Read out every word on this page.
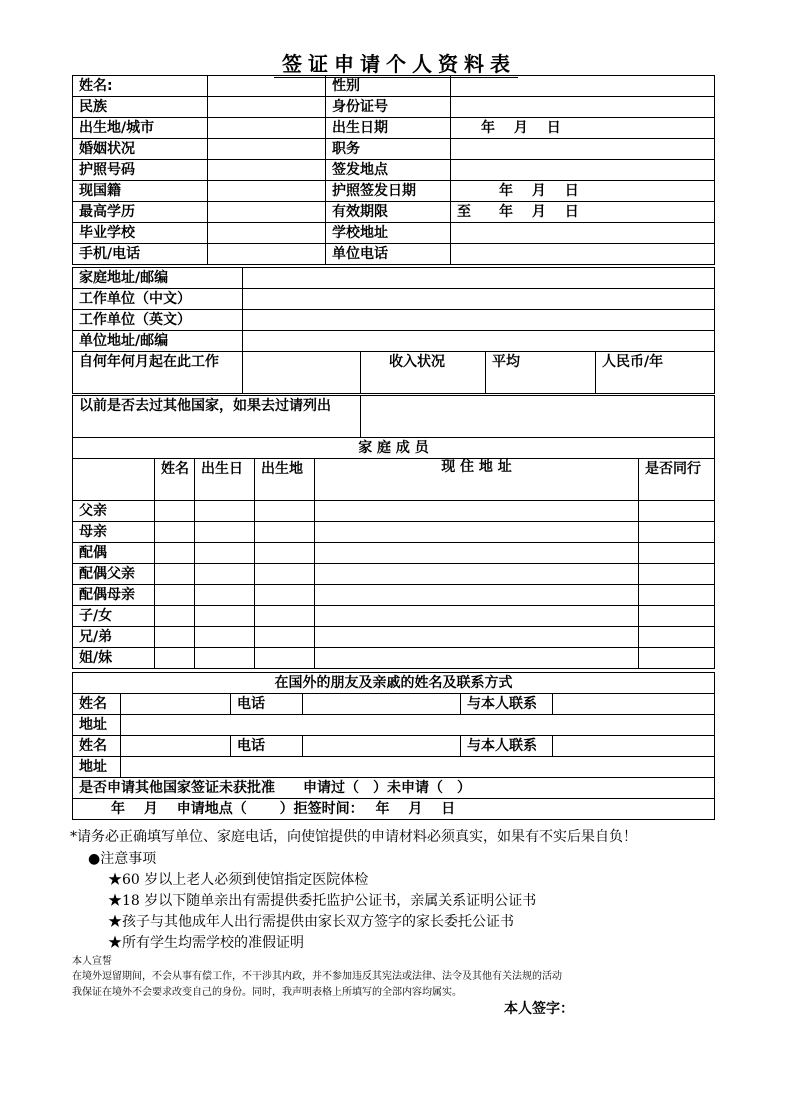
签证申请个人资料表
姓名:		性别	
民族		身份证号	
出生地/城市		出生日期	年　 月　 日
婚姻状况		职务	
护照号码		签发地点	
现国籍		护照签发日期	年　 月　 日
最高学历		有效期限	至　　年　 月　 日
毕业学校		学校地址	
手机/电话		单位电话	
家庭地址/邮编				
工作单位（中文）				
工作单位（英文）				
单位地址/邮编				
自何年何月起在此工作		收入状况	平均	人民币/年
以前是否去过其他国家，如果去过请列出	
家 庭 成 员					
	姓名	出生日	出生地	现 住 地 址	是否同行
父亲					
母亲					
配偶					
配偶父亲					
配偶母亲					
子/女					
兄/弟					
姐/妹					
在国外的朋友及亲戚的姓名及联系方式					
姓名		电话		与本人联系	
地址					
姓名		电话		与本人联系	
地址					
是否申请其他国家签证未获批准　　申请过（　）未申请（　）					
年　 月　 申请地点（　　 ）拒签时间：　 年　 月　 日					
*请务必正确填写单位、家庭电话，向使馆提供的申请材料必须真实，如果有不实后果自负！
●注意事项
★60 岁以上老人必须到使馆指定医院体检
★18 岁以下随单亲出有需提供委托监护公证书，亲属关系证明公证书
★孩子与其他成年人出行需提供由家长双方签字的家长委托公证书
★所有学生均需学校的准假证明
本人宣誓
在境外逗留期间，不会从事有偿工作，不干涉其内政，并不参加违反其宪法或法律、法令及其他有关法规的活动
我保证在境外不会要求改变自己的身份。同时，我声明表格上所填写的全部内容均属实。
本人签字：
